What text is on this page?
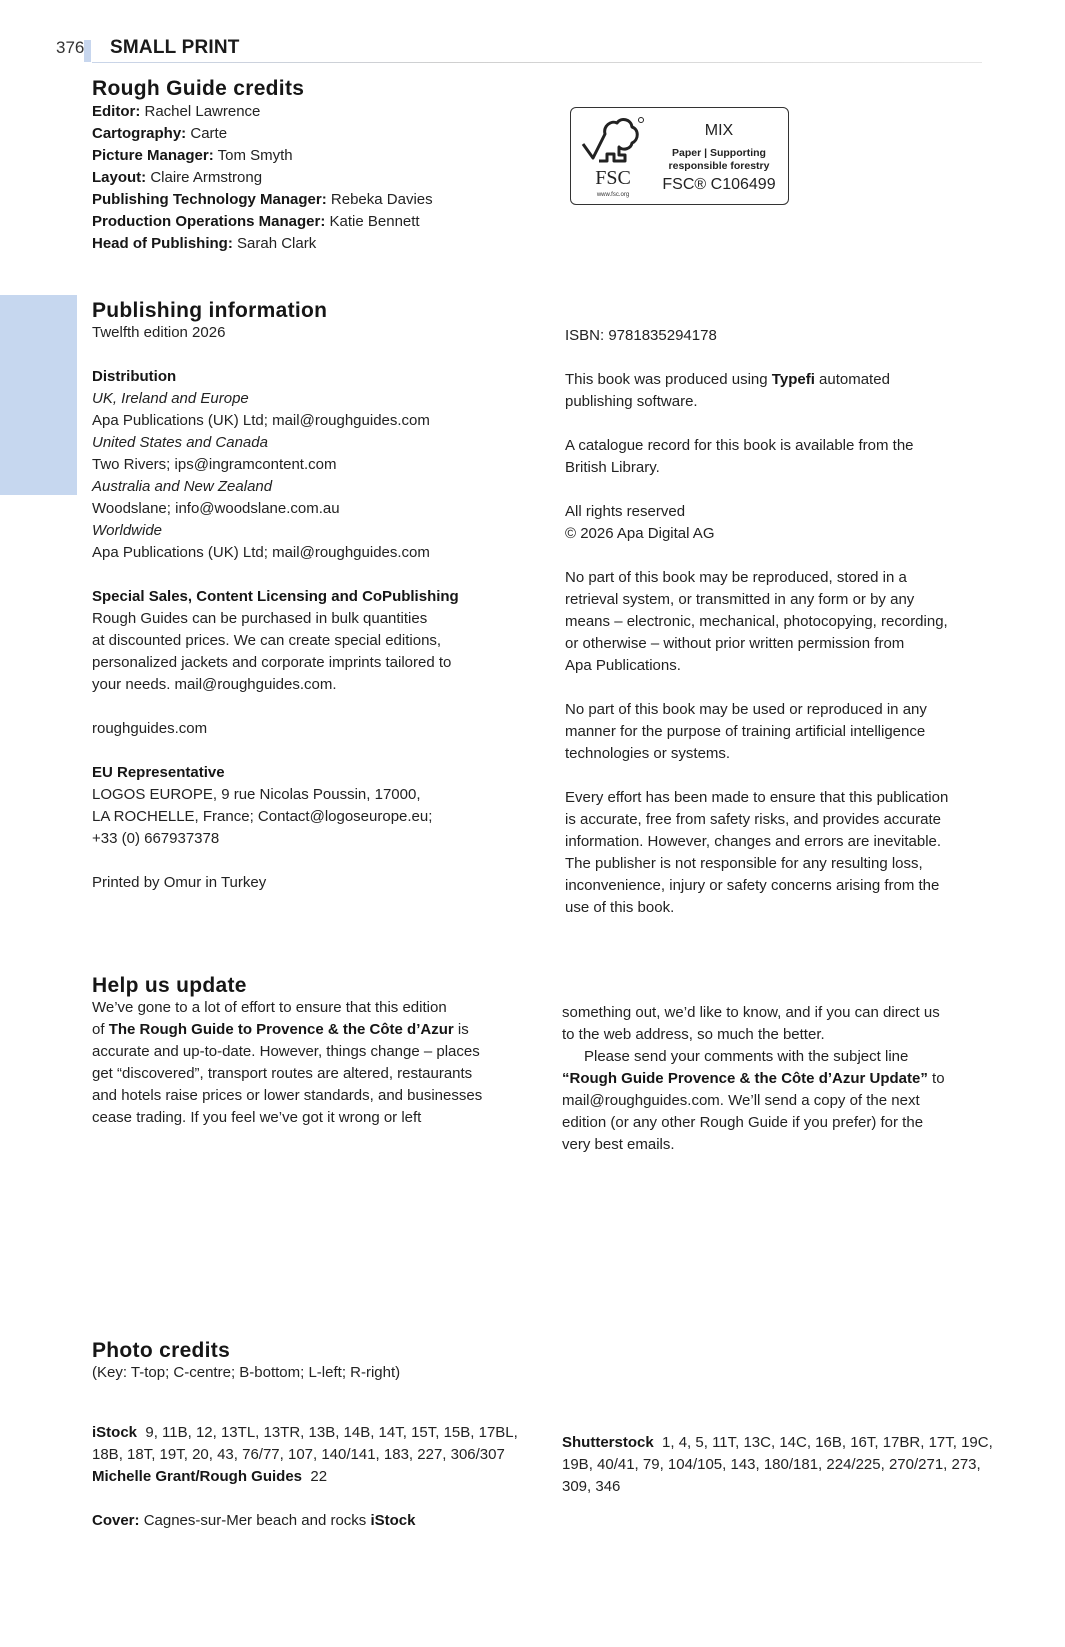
376 SMALL PRINT
Rough Guide credits

Editor: Rachel Lawrence

Cartography: Carte

Picture Manager: Tom Smyth

Layout: Claire Armstrong

Publishing Technology Manager: Rebeka Davies

Production Operations Manager: Katie Bennett

Head of Publishing: Sarah Clark

FSC
www.fsc.org
MIX
Paper | Supporting
responsible forestry
FSC® C106499
Publishing information

Twelfth edition 2026

Distribution

UK, Ireland and Europe

Apa Publications (UK) Ltd; mail@roughguides.com

United States and Canada

Two Rivers; ips@ingramcontent.com

Australia and New Zealand

Woodslane; info@woodslane.com.au

Worldwide

Apa Publications (UK) Ltd; mail@roughguides.com

Special Sales, Content Licensing and CoPublishing

Rough Guides can be purchased in bulk quantities

at discounted prices. We can create special editions,

personalized jackets and corporate imprints tailored to

your needs. mail@roughguides.com.

roughguides.com

EU Representative

LOGOS EUROPE, 9 rue Nicolas Poussin, 17000,

LA ROCHELLE, France; Contact@logoseurope.eu;

+33 (0) 667937378

Printed by Omur in Turkey

ISBN: 9781835294178

This book was produced using Typefi automated

publishing software.

A catalogue record for this book is available from the

British Library.

All rights reserved

© 2026 Apa Digital AG

No part of this book may be reproduced, stored in a

retrieval system, or transmitted in any form or by any

means – electronic, mechanical, photocopying, recording,

or otherwise – without prior written permission from

Apa Publications.

No part of this book may be used or reproduced in any

manner for the purpose of training artificial intelligence

technologies or systems.

Every effort has been made to ensure that this publication

is accurate, free from safety risks, and provides accurate

information. However, changes and errors are inevitable.

The publisher is not responsible for any resulting loss,

inconvenience, injury or safety concerns arising from the

use of this book.

Help us update

We’ve gone to a lot of effort to ensure that this edition

of The Rough Guide to Provence & the Côte d’Azur is

accurate and up-to-date. However, things change – places

get “discovered”, transport routes are altered, restaurants

and hotels raise prices or lower standards, and businesses

cease trading. If you feel we’ve got it wrong or left

something out, we’d like to know, and if you can direct us

to the web address, so much the better.

Please send your comments with the subject line

“Rough Guide Provence & the Côte d’Azur Update” to

mail@roughguides.com. We’ll send a copy of the next

edition (or any other Rough Guide if you prefer) for the

very best emails.

Photo credits

(Key: T-top; C-centre; B-bottom; L-left; R-right)

iStock 9, 11B, 12, 13TL, 13TR, 13B, 14B, 14T, 15T, 15B, 17BL, 18B, 18T, 19T, 20, 43, 76/77, 107, 140/141, 183, 227, 306/307

Michelle Grant/Rough Guides 22

Cover: Cagnes-sur-Mer beach and rocks iStock

Shutterstock 1, 4, 5, 11T, 13C, 14C, 16B, 16T, 17BR, 17T, 19C, 19B, 40/41, 79, 104/105, 143, 180/181, 224/225, 270/271, 273, 309, 346
